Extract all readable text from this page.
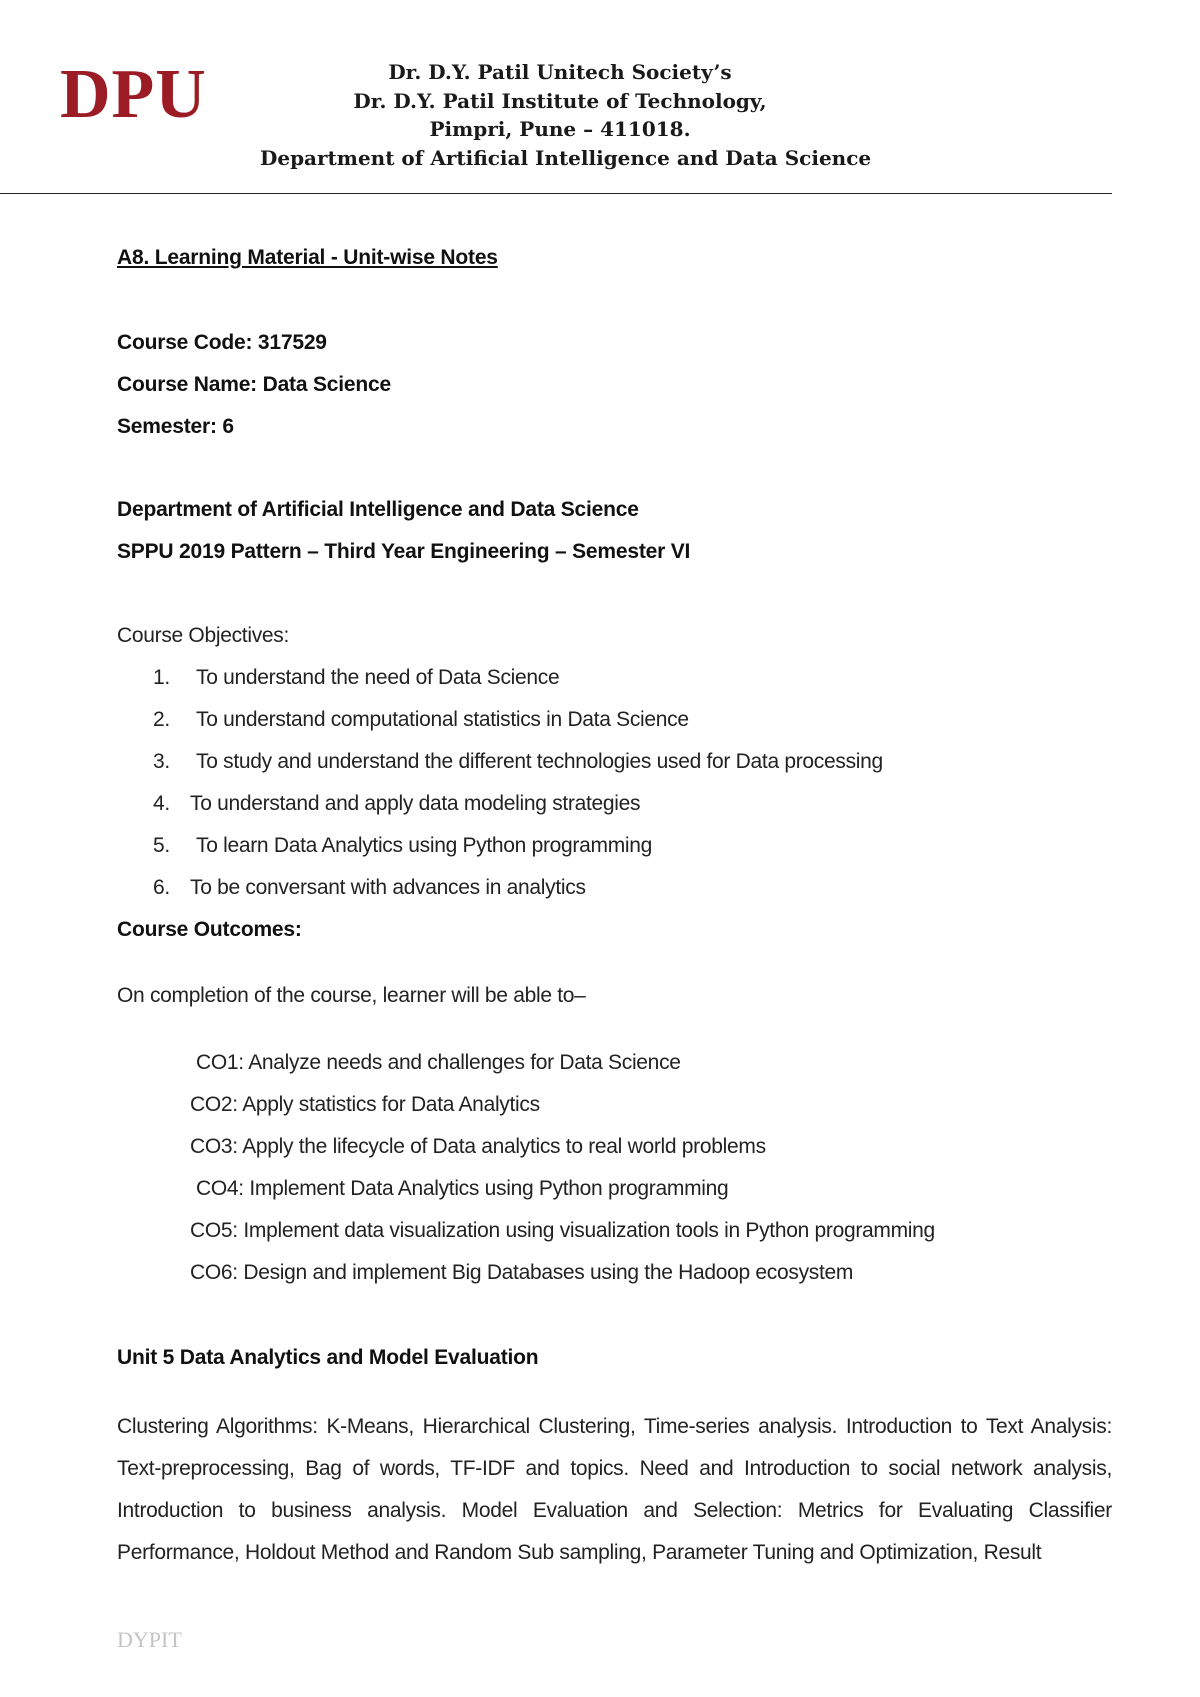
DPU	Dr. D.Y. Patil Unitech Society’s
Dr. D.Y. Patil Institute of Technology,
Pimpri, Pune – 411018.
Department of Artificial Intelligence and Data Science
A8. Learning Material - Unit-wise Notes
Course Code: 317529
Course Name: Data Science
Semester: 6
Department of Artificial Intelligence and Data Science
SPPU 2019 Pattern – Third Year Engineering – Semester VI
Course Objectives:
1. To understand the need of Data Science
2. To understand computational statistics in Data Science
3. To study and understand the different technologies used for Data processing
4. To understand and apply data modeling strategies
5. To learn Data Analytics using Python programming
6. To be conversant with advances in analytics
Course Outcomes:
On completion of the course, learner will be able to–
CO1: Analyze needs and challenges for Data Science
CO2: Apply statistics for Data Analytics
CO3: Apply the lifecycle of Data analytics to real world problems
CO4: Implement Data Analytics using Python programming
CO5: Implement data visualization using visualization tools in Python programming
CO6: Design and implement Big Databases using the Hadoop ecosystem
Unit 5 Data Analytics and Model Evaluation
Clustering Algorithms: K-Means, Hierarchical Clustering, Time-series analysis. Introduction to Text Analysis: Text-preprocessing, Bag of words, TF-IDF and topics. Need and Introduction to social network analysis, Introduction to business analysis. Model Evaluation and Selection: Metrics for Evaluating Classifier Performance, Holdout Method and Random Sub sampling, Parameter Tuning and Optimization, Result
DYPIT
